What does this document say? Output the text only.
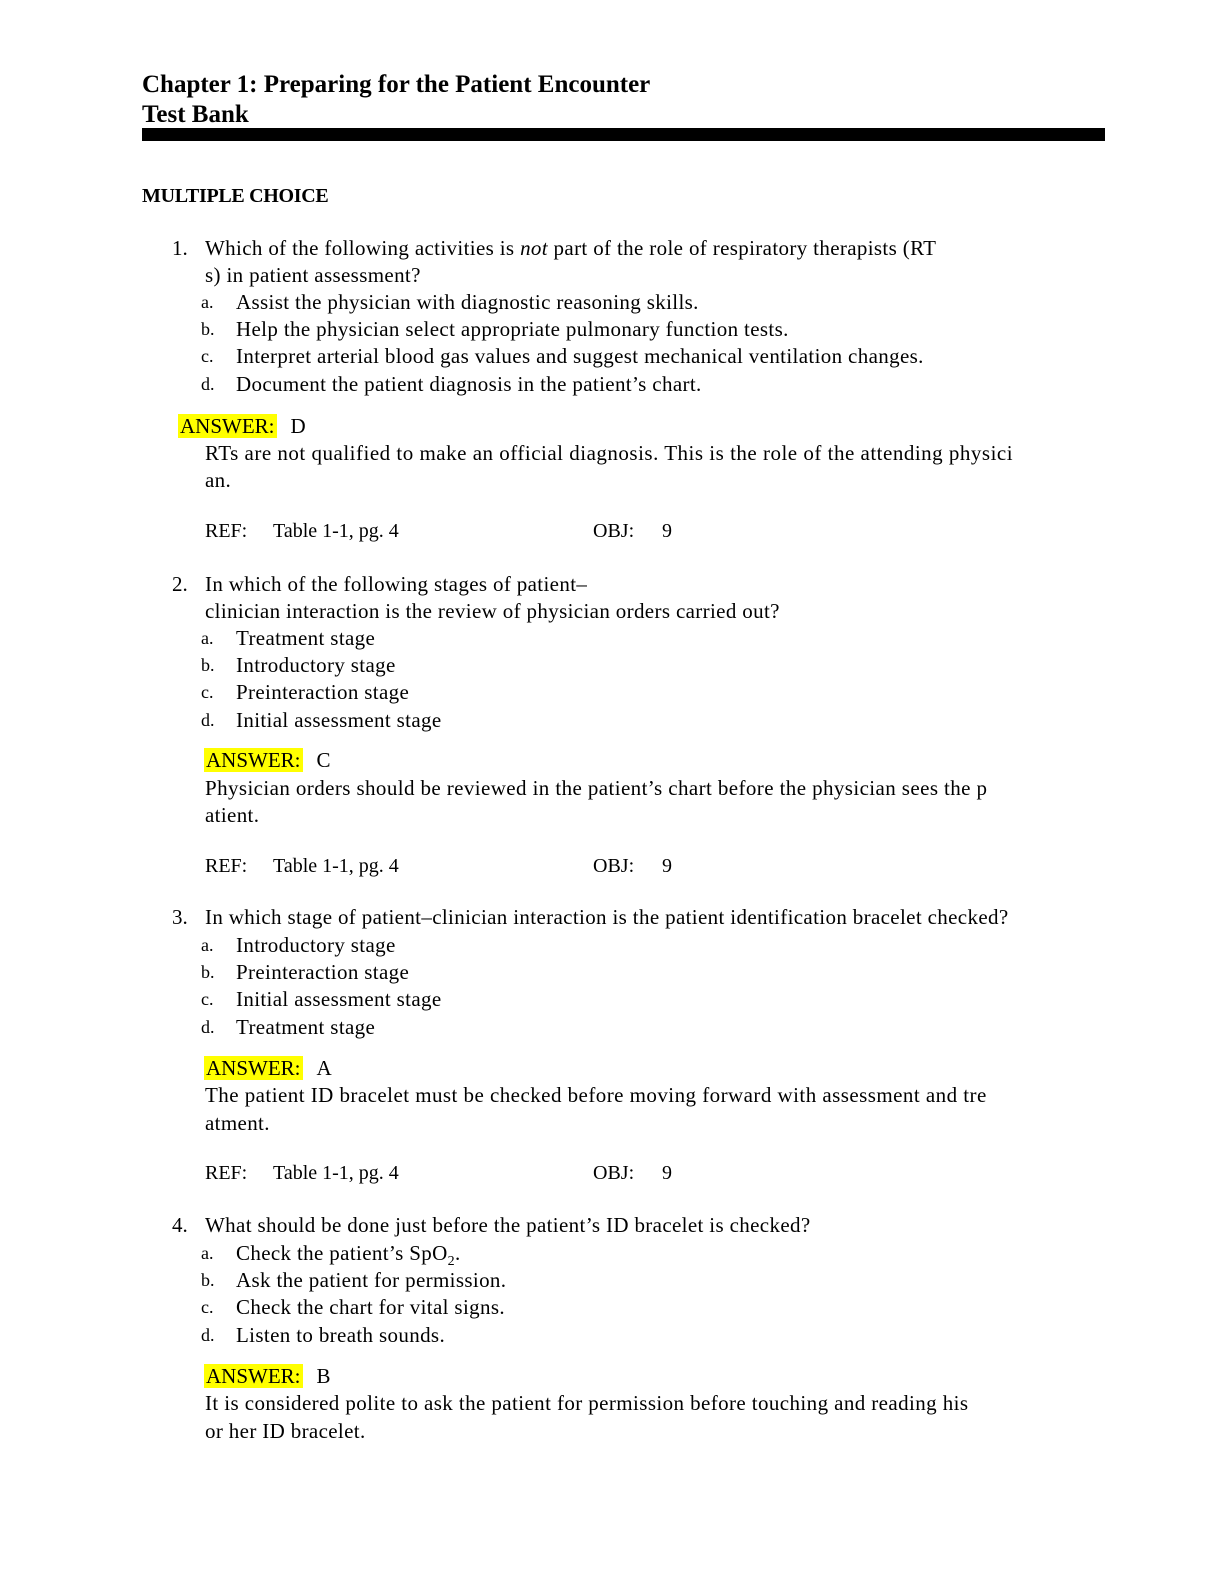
Chapter 1: Preparing for the Patient Encounter
Test Bank
MULTIPLE CHOICE
1. Which of the following activities is not part of the role of respiratory therapists (RT
s) in patient assessment?
a. Assist the physician with diagnostic reasoning skills.
b. Help the physician select appropriate pulmonary function tests.
c. Interpret arterial blood gas values and suggest mechanical ventilation changes.
d. Document the patient diagnosis in the patient’s chart.
ANSWER: D
RTs are not qualified to make an official diagnosis. This is the role of the attending physici
an.
REF: Table 1-1, pg. 4	OBJ: 9
2. In which of the following stages of patient–
clinician interaction is the review of physician orders carried out?
a. Treatment stage
b. Introductory stage
c. Preinteraction stage
d. Initial assessment stage
ANSWER: C
Physician orders should be reviewed in the patient’s chart before the physician sees the p
atient.
REF: Table 1-1, pg. 4	OBJ: 9
3. In which stage of patient–clinician interaction is the patient identification bracelet checked?
a. Introductory stage
b. Preinteraction stage
c. Initial assessment stage
d. Treatment stage
ANSWER: A
The patient ID bracelet must be checked before moving forward with assessment and tre
atment.
REF: Table 1-1, pg. 4	OBJ: 9
4. What should be done just before the patient’s ID bracelet is checked?
a. Check the patient’s SpO$_2$.
b. Ask the patient for permission.
c. Check the chart for vital signs.
d. Listen to breath sounds.
ANSWER: B
It is considered polite to ask the patient for permission before touching and reading his
or her ID bracelet.
